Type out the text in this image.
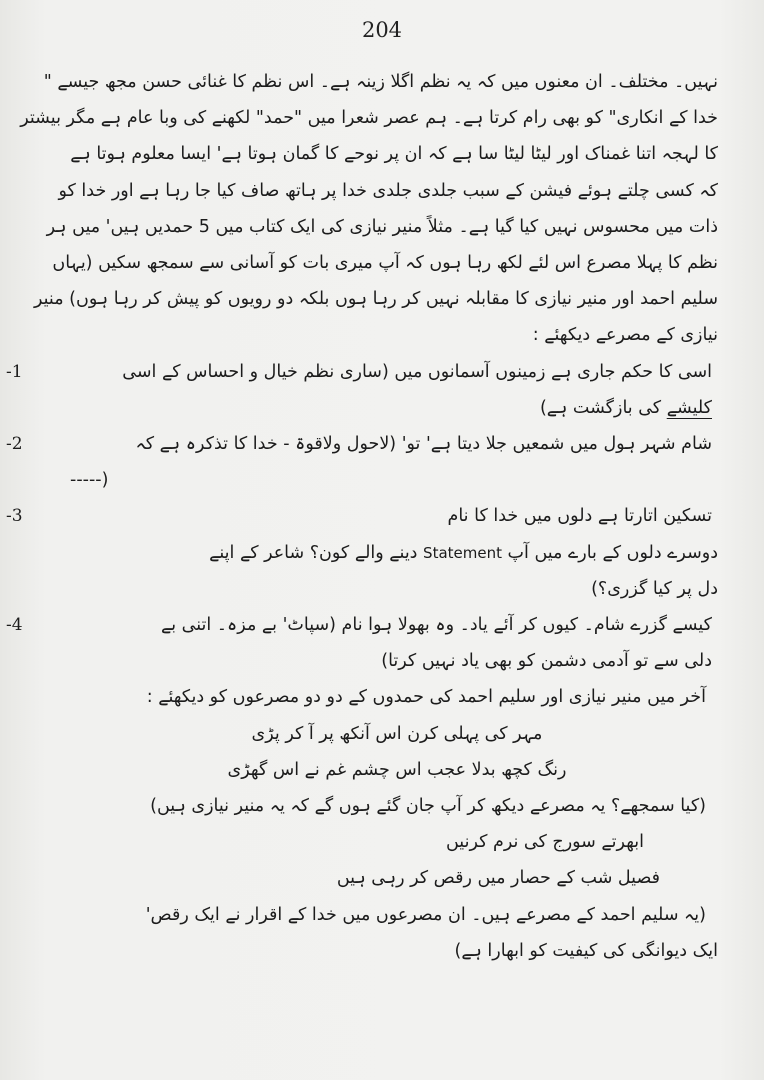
204

نہیں۔ مختلف۔ ان معنوں میں کہ یہ نظم اگلا زینہ ہے۔ اس نظم کا غنائی حسن مجھ جیسے "

خدا کے انکاری" کو بھی رام کرتا ہے۔ ہم عصر شعرا میں "حمد" لکھنے کی وبا عام ہے مگر بیشتر

کا لہجہ اتنا غمناک اور لیٹا لیٹا سا ہے کہ ان پر نوحے کا گمان ہوتا ہے' ایسا معلوم ہوتا ہے

کہ کسی چلتے ہوئے فیشن کے سبب جلدی جلدی خدا پر ہاتھ صاف کیا جا رہا ہے اور خدا کو

ذات میں محسوس نہیں کیا گیا ہے۔ مثلاً منیر نیازی کی ایک کتاب میں 5 حمدیں ہیں' میں ہر

نظم کا پہلا مصرع اس لئے لکھ رہا ہوں کہ آپ میری بات کو آسانی سے سمجھ سکیں (یہاں

سلیم احمد اور منیر نیازی کا مقابلہ نہیں کر رہا ہوں بلکہ دو رویوں کو پیش کر رہا ہوں) منیر

نیازی کے مصرعے دیکھئے :

اسی کا حکم جاری ہے زمینوں آسمانوں میں (ساری نظم خیال و احساس کے اسی

کلیشے کی بازگشت ہے)

-1

شام شہر ہول میں شمعیں جلا دیتا ہے' تو' (لاحول ولاقوۃ - خدا کا تذکرہ ہے کہ

(-----

-2

تسکین اتارتا ہے دلوں میں خدا کا نام

-3

دوسرے دلوں کے بارے میں آپ Statement دینے والے کون؟ شاعر کے اپنے

دل پر کیا گزری؟)

کیسے گزرے شام۔ کیوں کر آئے یاد۔ وہ بھولا ہوا نام (سپاٹ' بے مزہ۔ اتنی بے

دلی سے تو آدمی دشمن کو بھی یاد نہیں کرتا)

-4

آخر میں منیر نیازی اور سلیم احمد کی حمدوں کے دو دو مصرعوں کو دیکھئے :

مہر کی پہلی کرن اس آنکھ پر آ کر پڑی

رنگ کچھ بدلا عجب اس چشم غم نے اس گھڑی

(کیا سمجھے؟ یہ مصرعے دیکھ کر آپ جان گئے ہوں گے کہ یہ منیر نیازی ہیں)

ابھرتے سورج کی نرم کرنیں

فصیل شب کے حصار میں رقص کر رہی ہیں

(یہ سلیم احمد کے مصرعے ہیں۔ ان مصرعوں میں خدا کے اقرار نے ایک رقص'

ایک دیوانگی کی کیفیت کو ابھارا ہے)
